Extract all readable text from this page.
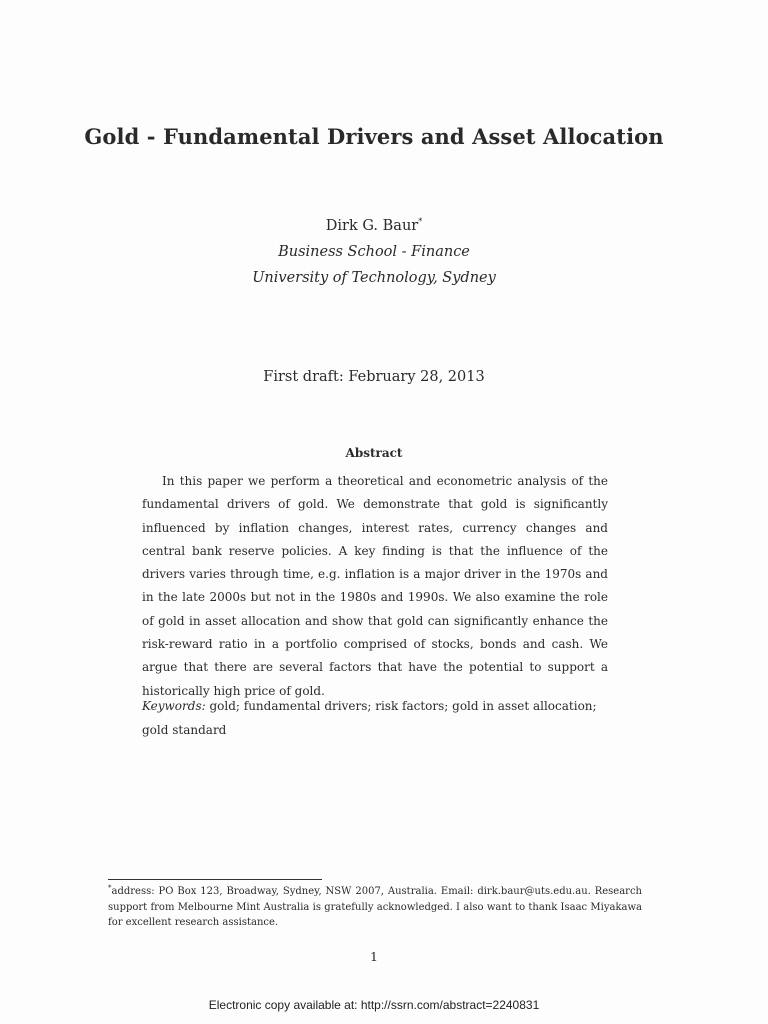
Gold - Fundamental Drivers and Asset Allocation
Dirk G. Baur*
Business School - Finance
University of Technology, Sydney
First draft: February 28, 2013
Abstract

In this paper we perform a theoretical and econometric analysis of the fundamental drivers of gold. We demonstrate that gold is significantly influenced by inflation changes, interest rates, currency changes and central bank reserve policies. A key finding is that the influence of the drivers varies through time, e.g. inflation is a major driver in the 1970s and in the late 2000s but not in the 1980s and 1990s. We also examine the role of gold in asset allocation and show that gold can significantly enhance the risk-reward ratio in a portfolio comprised of stocks, bonds and cash. We argue that there are several factors that have the potential to support a historically high price of gold.

Keywords: gold; fundamental drivers; risk factors; gold in asset allocation; gold standard

*address: PO Box 123, Broadway, Sydney, NSW 2007, Australia. Email: dirk.baur@uts.edu.au. Research support from Melbourne Mint Australia is gratefully acknowledged. I also want to thank Isaac Miyakawa for excellent research assistance.

1
Electronic copy available at: http://ssrn.com/abstract=2240831
